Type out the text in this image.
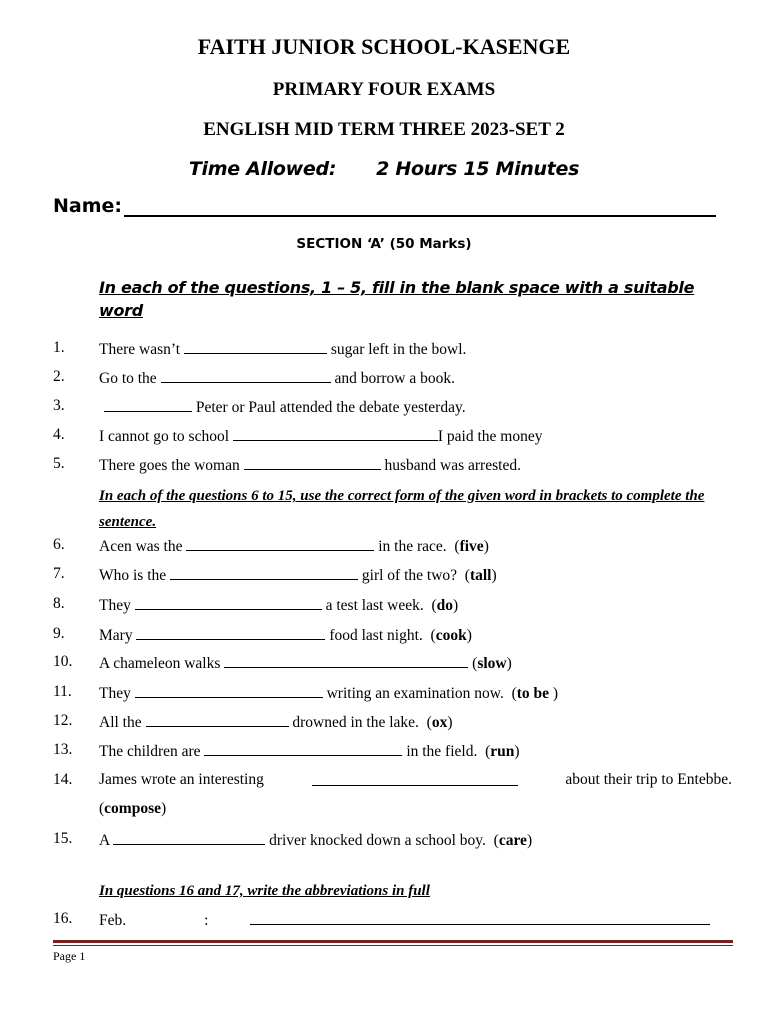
FAITH JUNIOR SCHOOL-KASENGE
PRIMARY FOUR EXAMS
ENGLISH MID TERM THREE 2023-SET 2
Time Allowed: 2 Hours 15 Minutes
Name:
SECTION ‘A’ (50 Marks)
In each of the questions, 1 – 5, fill in the blank space with a suitable word
1. There wasn’t	sugar left in the bowl.
2. Go to the	and borrow a book.
3.	Peter or Paul attended the debate yesterday.
4. I cannot go to school	I paid the money
5. There goes the woman	husband was arrested.
In each of the questions 6 to 15, use the correct form of the given word in brackets to complete the sentence.
6. Acen was the	in the race.  (five)
7. Who is the	girl of the two?  (tall)
8. They	a test last week.  (do)
9. Mary	food last night.  (cook)
10. A chameleon walks	(slow)
11. They	writing an examination now.  (to be )
12. All the	drowned in the lake.  (ox)
13. The children are	in the field.  (run)
14. James wrote an interesting	about their trip to Entebbe.
(compose)
15. A	driver knocked down a school boy.  (care)
In questions 16 and 17, write the abbreviations in full
16. Feb.	:
Page 1
